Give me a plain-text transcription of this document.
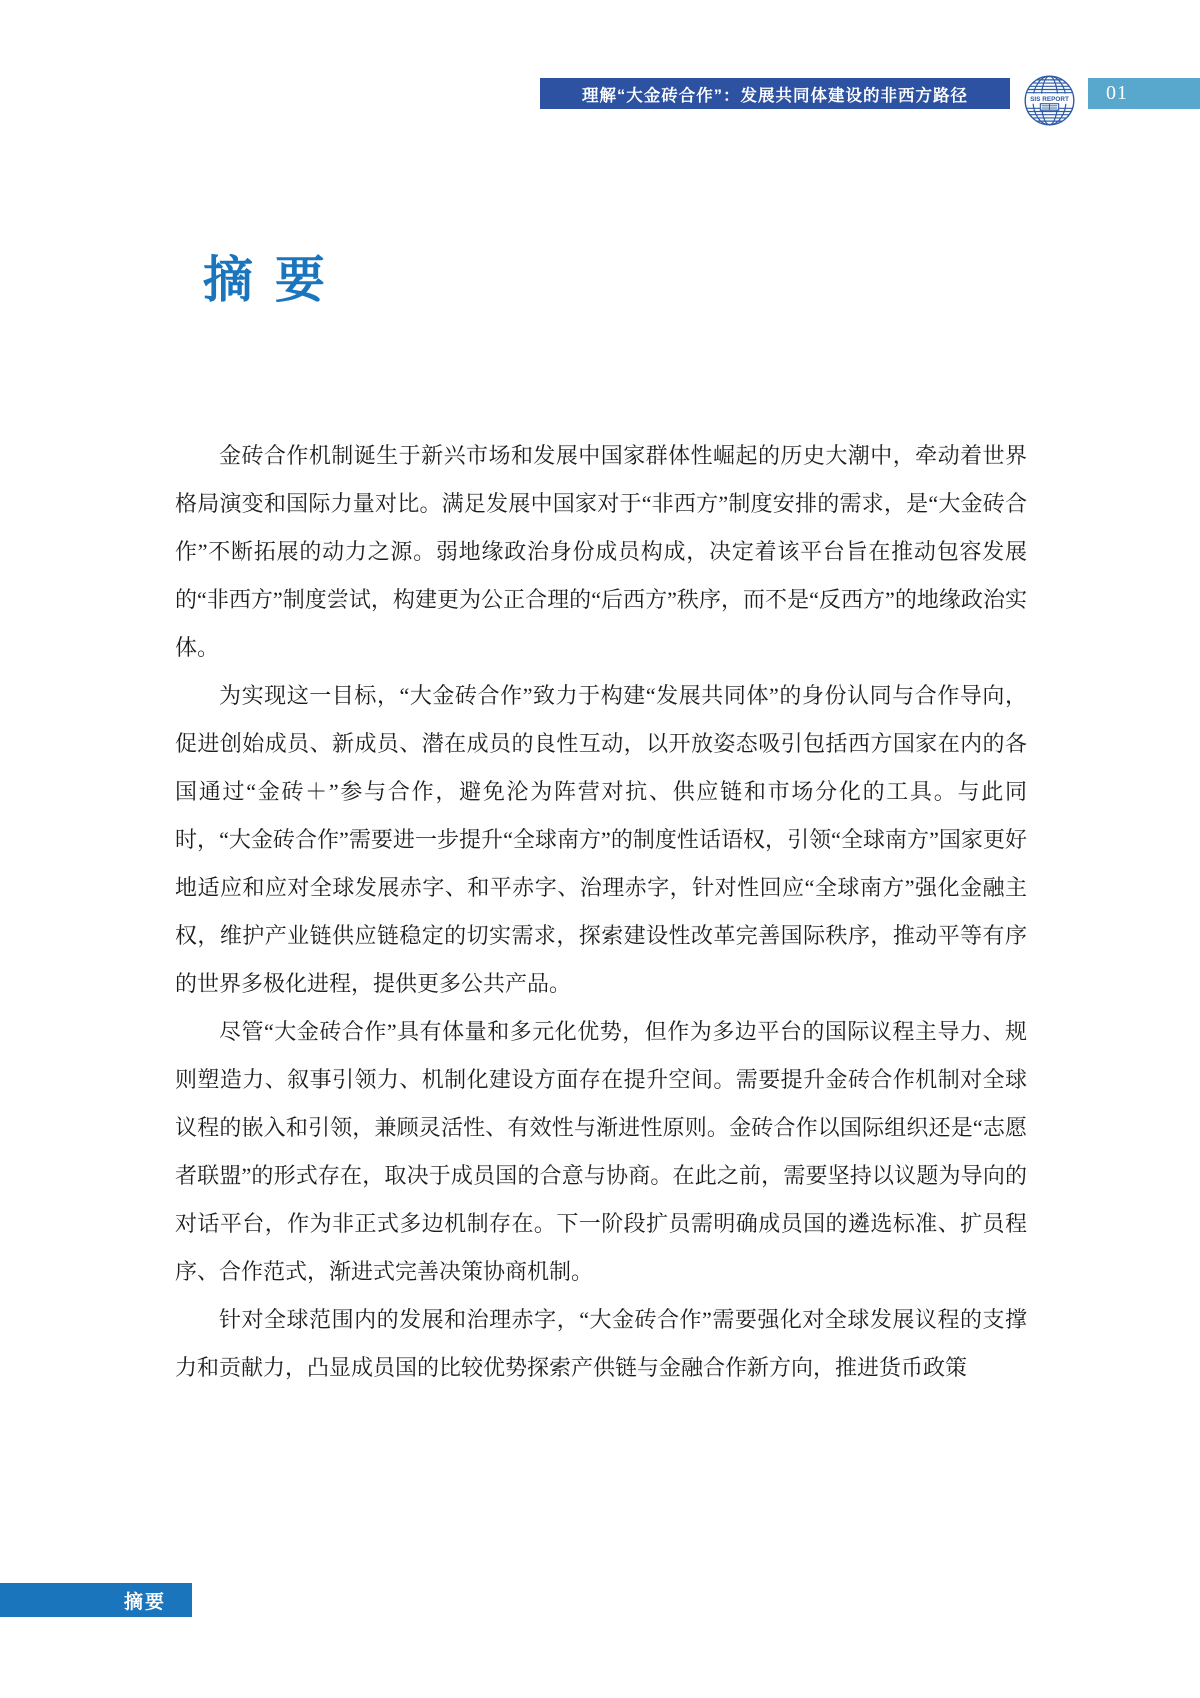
理解“大金砖合作”：发展共同体建设的非西方路径	SIS REPORT 01
摘 要

金砖合作机制诞生于新兴市场和发展中国家群体性崛起的历史大潮中，牵动着世界格局演变和国际力量对比。满足发展中国家对于“非西方”制度安排的需求，是“大金砖合作”不断拓展的动力之源。弱地缘政治身份成员构成，决定着该平台旨在推动包容发展的“非西方”制度尝试，构建更为公正合理的“后西方”秩序，而不是“反西方”的地缘政治实体。

为实现这一目标，“大金砖合作”致力于构建“发展共同体”的身份认同与合作导向，促进创始成员、新成员、潜在成员的良性互动，以开放姿态吸引包括西方国家在内的各国通过“金砖＋”参与合作，避免沦为阵营对抗、供应链和市场分化的工具。与此同时，“大金砖合作”需要进一步提升“全球南方”的制度性话语权，引领“全球南方”国家更好地适应和应对全球发展赤字、和平赤字、治理赤字，针对性回应“全球南方”强化金融主权，维护产业链供应链稳定的切实需求，探索建设性改革完善国际秩序，推动平等有序的世界多极化进程，提供更多公共产品。

尽管“大金砖合作”具有体量和多元化优势，但作为多边平台的国际议程主导力、规则塑造力、叙事引领力、机制化建设方面存在提升空间。需要提升金砖合作机制对全球议程的嵌入和引领，兼顾灵活性、有效性与渐进性原则。金砖合作以国际组织还是“志愿者联盟”的形式存在，取决于成员国的合意与协商。在此之前，需要坚持以议题为导向的对话平台，作为非正式多边机制存在。下一阶段扩员需明确成员国的遴选标准、扩员程序、合作范式，渐进式完善决策协商机制。

针对全球范围内的发展和治理赤字，“大金砖合作”需要强化对全球发展议程的支撑力和贡献力，凸显成员国的比较优势探索产供链与金融合作新方向，推进货币政策

摘要
